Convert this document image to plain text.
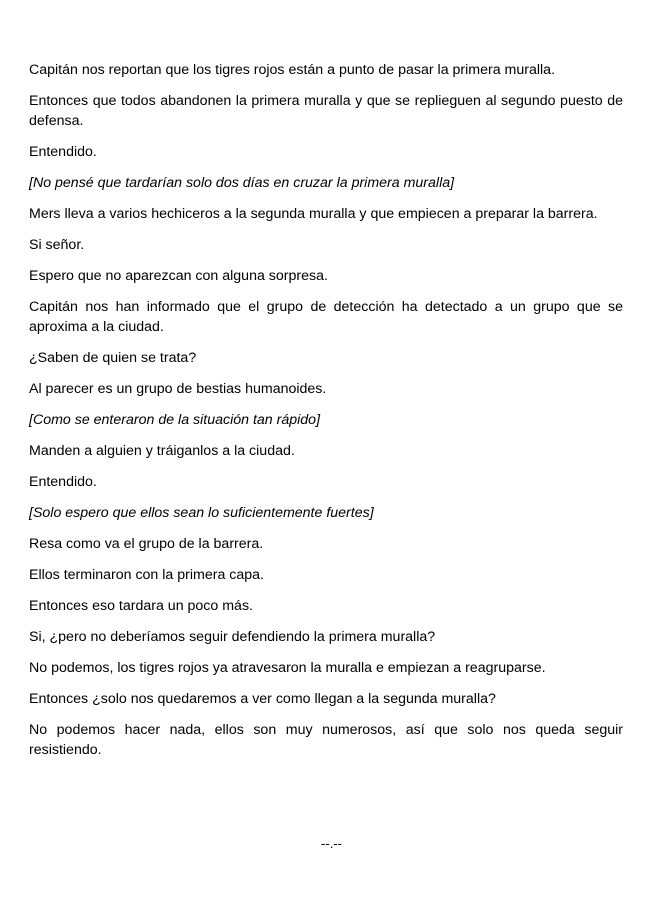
Capitán nos reportan que los tigres rojos están a punto de pasar la primera muralla.

Entonces que todos abandonen la primera muralla y que se replieguen al segundo puesto de defensa.

Entendido.

[No pensé que tardarían solo dos días en cruzar la primera muralla]

Mers lleva a varios hechiceros a la segunda muralla y que empiecen a preparar la barrera.

Si señor.

Espero que no aparezcan con alguna sorpresa.

Capitán nos han informado que el grupo de detección ha detectado a un grupo que se aproxima a la ciudad.

¿Saben de quien se trata?

Al parecer es un grupo de bestias humanoides.

[Como se enteraron de la situación tan rápido]

Manden a alguien y tráiganlos a la ciudad.

Entendido.

[Solo espero que ellos sean lo suficientemente fuertes]

Resa como va el grupo de la barrera.

Ellos terminaron con la primera capa.

Entonces eso tardara un poco más.

Si, ¿pero no deberíamos seguir defendiendo la primera muralla?

No podemos, los tigres rojos ya atravesaron la muralla e empiezan a reagruparse.

Entonces ¿solo nos quedaremos a ver como llegan a la segunda muralla?

No podemos hacer nada, ellos son muy numerosos, así que solo nos queda seguir resistiendo.

--.--
